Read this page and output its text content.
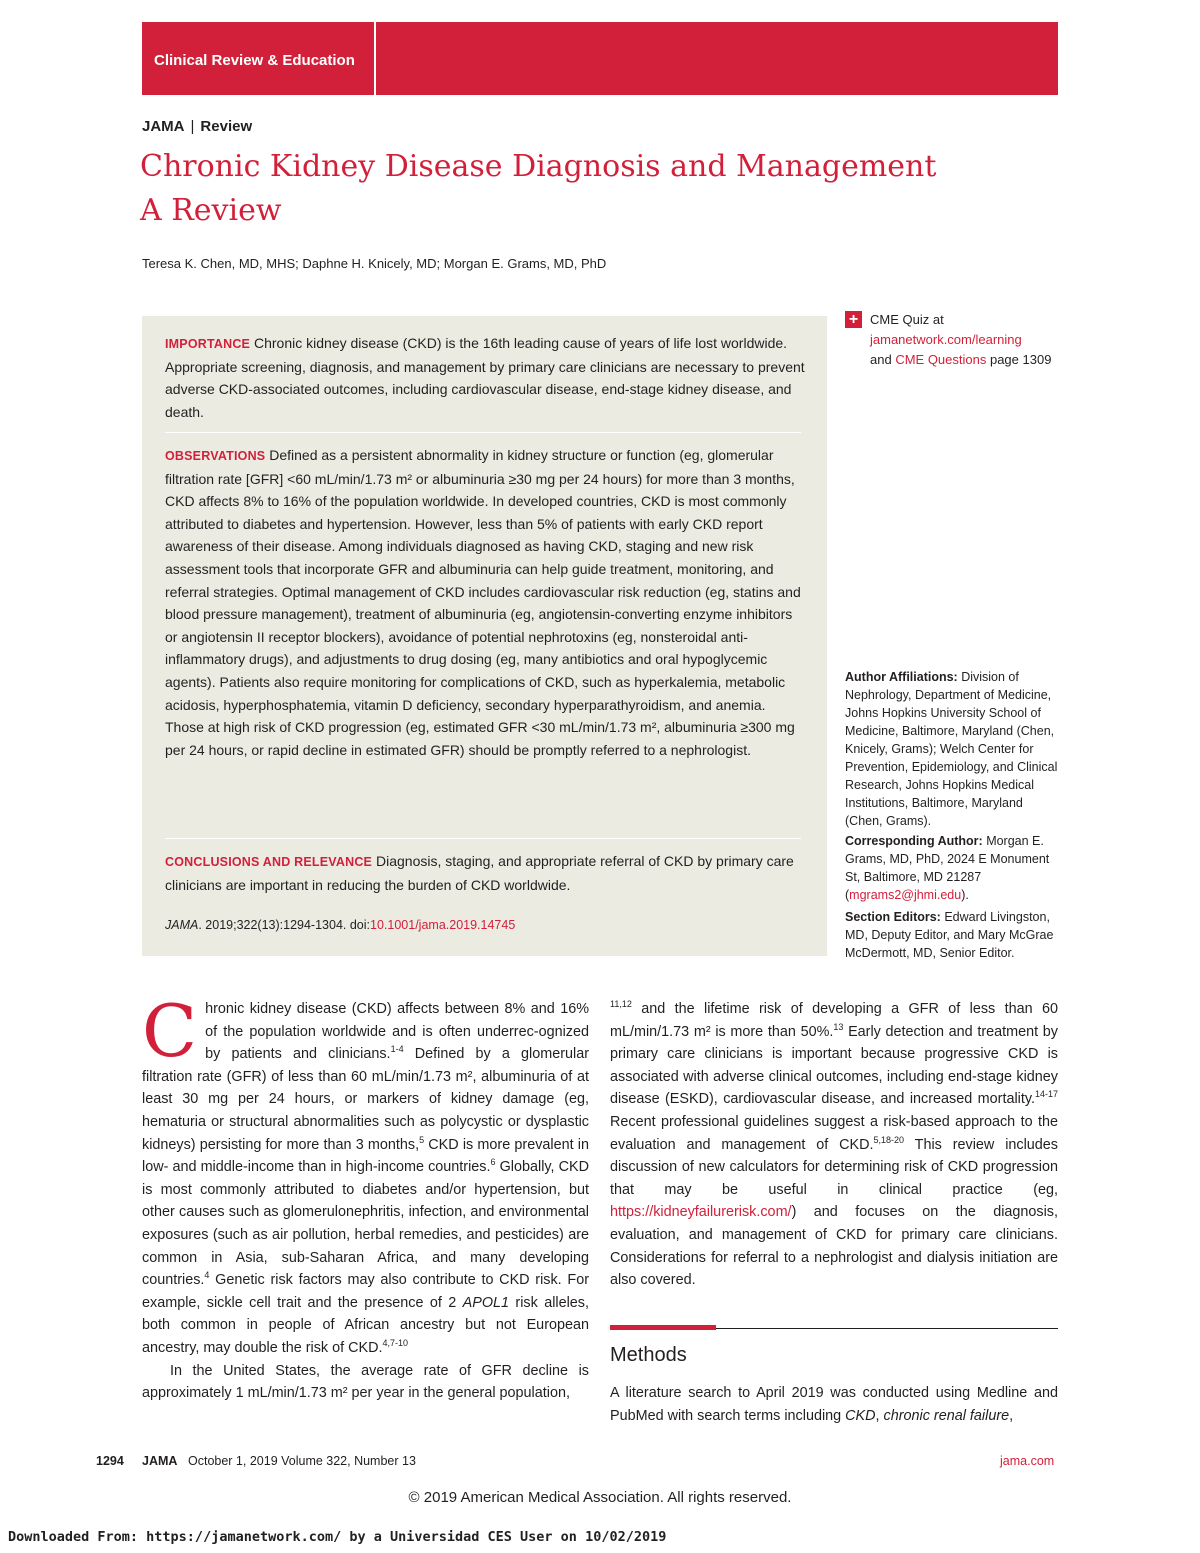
Clinical Review & Education
JAMA | Review
Chronic Kidney Disease Diagnosis and Management
A Review
Teresa K. Chen, MD, MHS; Daphne H. Knicely, MD; Morgan E. Grams, MD, PhD
IMPORTANCE Chronic kidney disease (CKD) is the 16th leading cause of years of life lost worldwide. Appropriate screening, diagnosis, and management by primary care clinicians are necessary to prevent adverse CKD-associated outcomes, including cardiovascular disease, end-stage kidney disease, and death.
OBSERVATIONS Defined as a persistent abnormality in kidney structure or function (eg, glomerular filtration rate [GFR] <60 mL/min/1.73 m² or albuminuria ≥30 mg per 24 hours) for more than 3 months, CKD affects 8% to 16% of the population worldwide. In developed countries, CKD is most commonly attributed to diabetes and hypertension. However, less than 5% of patients with early CKD report awareness of their disease. Among individuals diagnosed as having CKD, staging and new risk assessment tools that incorporate GFR and albuminuria can help guide treatment, monitoring, and referral strategies. Optimal management of CKD includes cardiovascular risk reduction (eg, statins and blood pressure management), treatment of albuminuria (eg, angiotensin-converting enzyme inhibitors or angiotensin II receptor blockers), avoidance of potential nephrotoxins (eg, nonsteroidal anti-inflammatory drugs), and adjustments to drug dosing (eg, many antibiotics and oral hypoglycemic agents). Patients also require monitoring for complications of CKD, such as hyperkalemia, metabolic acidosis, hyperphosphatemia, vitamin D deficiency, secondary hyperparathyroidism, and anemia. Those at high risk of CKD progression (eg, estimated GFR <30 mL/min/1.73 m², albuminuria ≥300 mg per 24 hours, or rapid decline in estimated GFR) should be promptly referred to a nephrologist.
CONCLUSIONS AND RELEVANCE Diagnosis, staging, and appropriate referral of CKD by primary care clinicians are important in reducing the burden of CKD worldwide.
JAMA. 2019;322(13):1294-1304. doi:10.1001/jama.2019.14745
+ CME Quiz at
jamanetwork.com/learning
and CME Questions page 1309
Author Affiliations: Division of Nephrology, Department of Medicine, Johns Hopkins University School of Medicine, Baltimore, Maryland (Chen, Knicely, Grams); Welch Center for Prevention, Epidemiology, and Clinical Research, Johns Hopkins Medical Institutions, Baltimore, Maryland (Chen, Grams).
Corresponding Author: Morgan E. Grams, MD, PhD, 2024 E Monument St, Baltimore, MD 21287 (mgrams2@jhmi.edu).
Section Editors: Edward Livingston, MD, Deputy Editor, and Mary McGrae McDermott, MD, Senior Editor.

Chronic kidney disease (CKD) affects between 8% and 16% of the population worldwide and is often underrec-ognized by patients and clinicians.$^{1-4}$ Defined by a glomerular filtration rate (GFR) of less than 60 mL/min/1.73 m², albuminuria of at least 30 mg per 24 hours, or markers of kidney damage (eg, hematuria or structural abnormalities such as polycystic or dysplastic kidneys) persisting for more than 3 months,$^5$ CKD is more prevalent in low- and middle-income than in high-income countries.$^6$ Globally, CKD is most commonly attributed to diabetes and/or hypertension, but other causes such as glomerulonephritis, infection, and environmental exposures (such as air pollution, herbal remedies, and pesticides) are common in Asia, sub-Saharan Africa, and many developing countries.$^4$ Genetic risk factors may also contribute to CKD risk. For example, sickle cell trait and the presence of 2 APOL1 risk alleles, both common in people of African ancestry but not European ancestry, may double the risk of CKD.$^{4,7-10}$

In the United States, the average rate of GFR decline is approximately 1 mL/min/1.73 m² per year in the general population,

$^{11,12}$ and the lifetime risk of developing a GFR of less than 60 mL/min/1.73 m² is more than 50%.$^{13}$ Early detection and treatment by primary care clinicians is important because progressive CKD is associated with adverse clinical outcomes, including end-stage kidney disease (ESKD), cardiovascular disease, and increased mortality.$^{14-17}$ Recent professional guidelines suggest a risk-based approach to the evaluation and management of CKD.$^{5,18-20}$ This review includes discussion of new calculators for determining risk of CKD progression that may be useful in clinical practice (eg, https://kidneyfailurerisk.com/) and focuses on the diagnosis, evaluation, and management of CKD for primary care clinicians. Considerations for referral to a nephrologist and dialysis initiation are also covered.

Methods

A literature search to April 2019 was conducted using Medline and PubMed with search terms including CKD, chronic renal failure,

1294 JAMA October 1, 2019 Volume 322, Number 13	jama.com
© 2019 American Medical Association. All rights reserved.
Downloaded From: https://jamanetwork.com/ by a Universidad CES User on 10/02/2019
